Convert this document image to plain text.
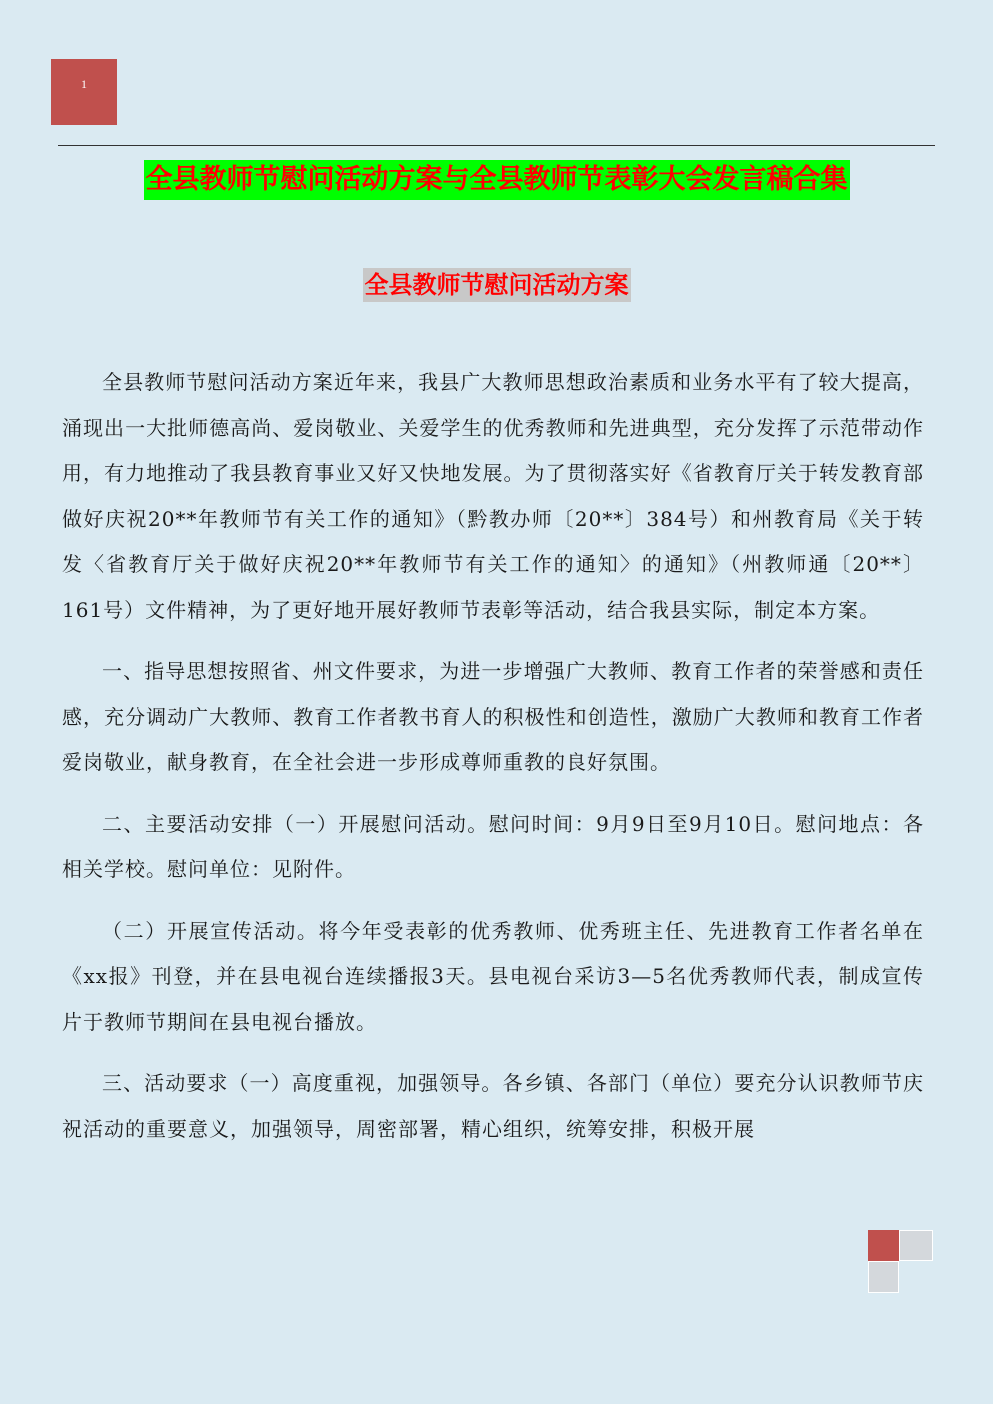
1
全县教师节慰问活动方案与全县教师节表彰大会发言稿合集
全县教师节慰问活动方案

全县教师节慰问活动方案近年来，我县广大教师思想政治素质和业务水平有了较大提高，涌现出一大批师德高尚、爱岗敬业、关爱学生的优秀教师和先进典型，充分发挥了示范带动作用，有力地推动了我县教育事业又好又快地发展。为了贯彻落实好《省教育厅关于转发教育部做好庆祝20**年教师节有关工作的通知》（黔教办师〔20**〕384号）和州教育局《关于转发〈省教育厅关于做好庆祝20**年教师节有关工作的通知〉的通知》（州教师通〔20**〕161号）文件精神，为了更好地开展好教师节表彰等活动，结合我县实际，制定本方案。

一、指导思想按照省、州文件要求，为进一步增强广大教师、教育工作者的荣誉感和责任感，充分调动广大教师、教育工作者教书育人的积极性和创造性，激励广大教师和教育工作者爱岗敬业，献身教育，在全社会进一步形成尊师重教的良好氛围。

二、主要活动安排（一）开展慰问活动。慰问时间：9月9日至9月10日。慰问地点：各相关学校。慰问单位：见附件。

（二）开展宣传活动。将今年受表彰的优秀教师、优秀班主任、先进教育工作者名单在《xx报》刊登，并在县电视台连续播报3天。县电视台采访3—5名优秀教师代表，制成宣传片于教师节期间在县电视台播放。

三、活动要求（一）高度重视，加强领导。各乡镇、各部门（单位）要充分认识教师节庆祝活动的重要意义，加强领导，周密部署，精心组织，统筹安排，积极开展
